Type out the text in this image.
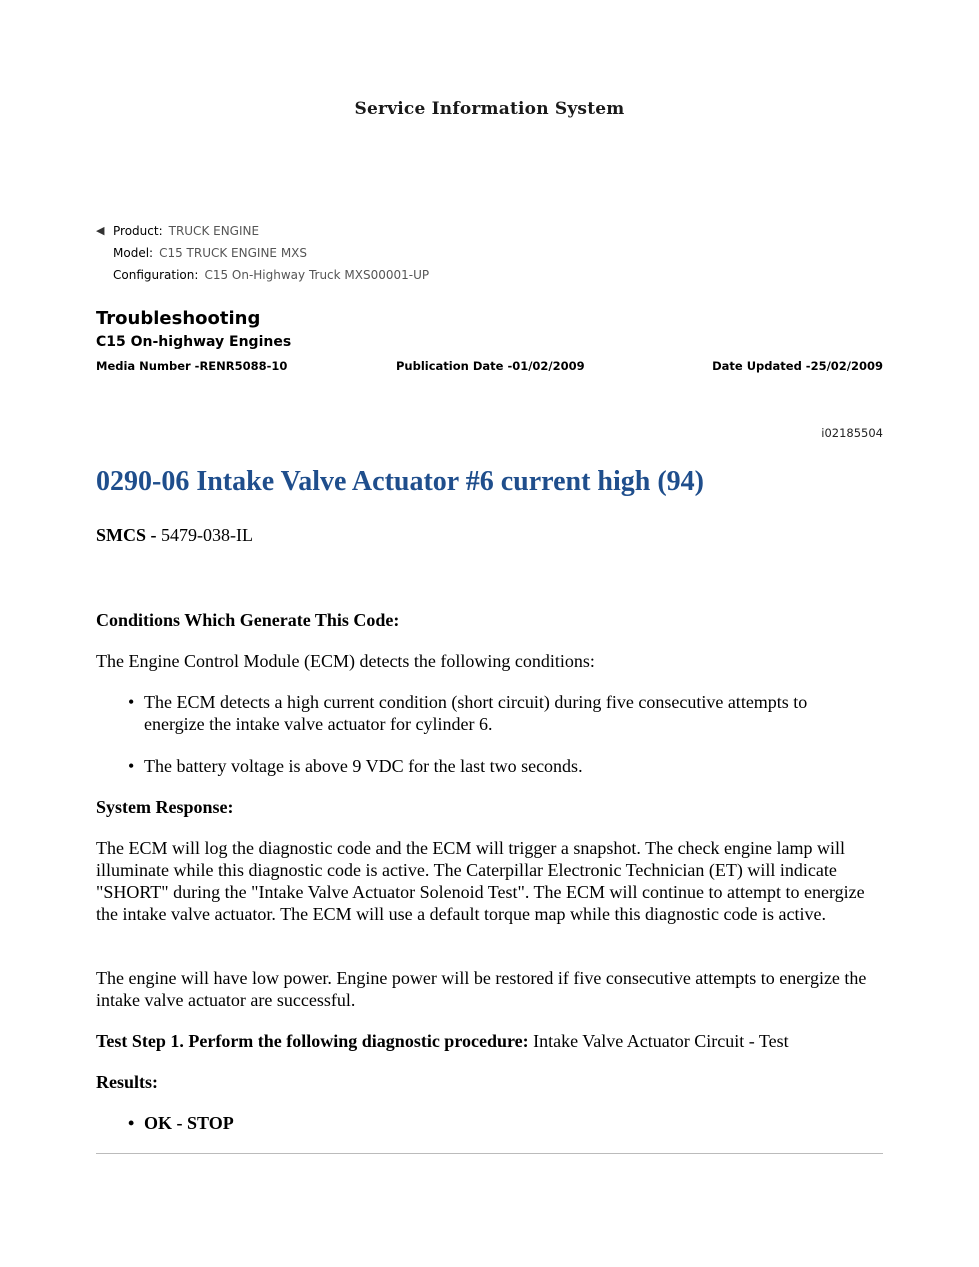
Service Information System
◀ Product: TRUCK ENGINE
Model: C15 TRUCK ENGINE MXS
Configuration: C15 On-Highway Truck MXS00001-UP
Troubleshooting
C15 On-highway Engines
Media Number -RENR5088-10	Publication Date -01/02/2009	Date Updated -25/02/2009
i02185504
0290-06 Intake Valve Actuator #6 current high (94)
SMCS - 5479-038-IL
Conditions Which Generate This Code:
The Engine Control Module (ECM) detects the following conditions:
• The ECM detects a high current condition (short circuit) during five consecutive attempts to energize the intake valve actuator for cylinder 6.
• The battery voltage is above 9 VDC for the last two seconds.
System Response:
The ECM will log the diagnostic code and the ECM will trigger a snapshot. The check engine lamp will illuminate while this diagnostic code is active. The Caterpillar Electronic Technician (ET) will indicate "SHORT" during the "Intake Valve Actuator Solenoid Test". The ECM will continue to attempt to energize the intake valve actuator. The ECM will use a default torque map while this diagnostic code is active.
The engine will have low power. Engine power will be restored if five consecutive attempts to energize the intake valve actuator are successful.
Test Step 1. Perform the following diagnostic procedure: Intake Valve Actuator Circuit - Test
Results:
• OK - STOP
